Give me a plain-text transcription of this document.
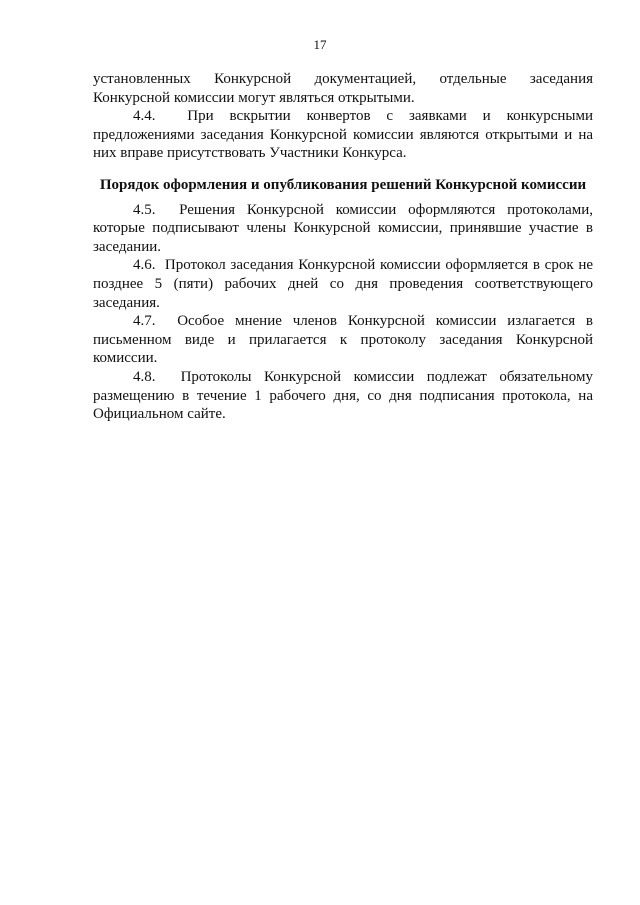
17

установленных Конкурсной документацией, отдельные заседания Конкурсной комиссии могут являться открытыми.

4.4. При вскрытии конвертов с заявками и конкурсными предложениями заседания Конкурсной комиссии являются открытыми и на них вправе присутствовать Участники Конкурса.

Порядок оформления и опубликования решений Конкурсной комиссии

4.5. Решения Конкурсной комиссии оформляются протоколами, которые подписывают члены Конкурсной комиссии, принявшие участие в заседании.

4.6. Протокол заседания Конкурсной комиссии оформляется в срок не позднее 5 (пяти) рабочих дней со дня проведения соответствующего заседания.

4.7. Особое мнение членов Конкурсной комиссии излагается в письменном виде и прилагается к протоколу заседания Конкурсной комиссии.

4.8. Протоколы Конкурсной комиссии подлежат обязательному размещению в течение 1 рабочего дня, со дня подписания протокола, на Официальном сайте.
